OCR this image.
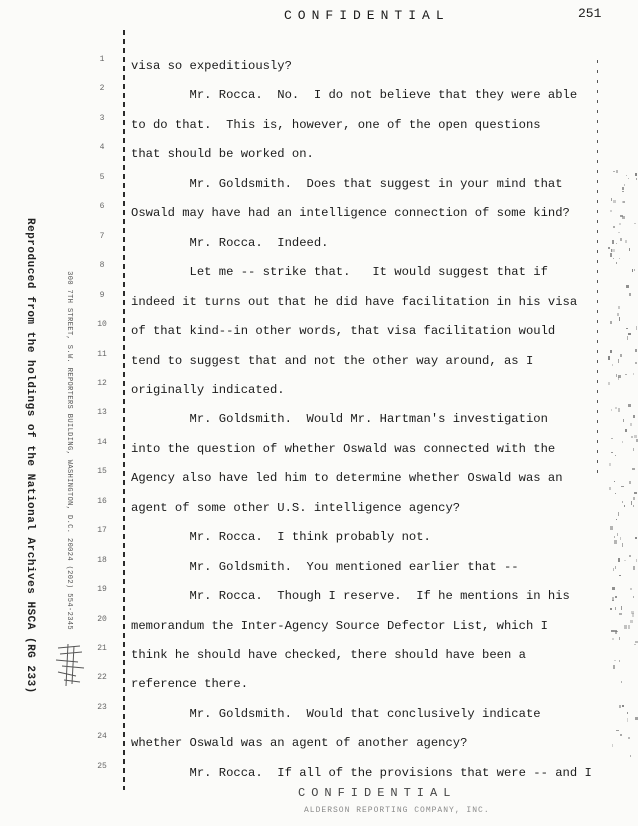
CONFIDENTIAL	251
Reproduced from the holdings of the National Archives HSCA (RG 233)	300 7TH STREET, S.W. REPORTERS BUILDING, WASHINGTON, D.C. 20024 (202) 554-2345
1
2
3
4
5
6
7
8
9
10
11
12
13
14
15
16
17
18
19
20
21
22
23
24
25
visa so expeditiously?
Mr. Rocca.  No.  I do not believe that they were able
to do that.  This is, however, one of the open questions
that should be worked on.
Mr. Goldsmith.  Does that suggest in your mind that
Oswald may have had an intelligence connection of some kind?
Mr. Rocca.  Indeed.
Let me -- strike that.   It would suggest that if
indeed it turns out that he did have facilitation in his visa
of that kind--in other words, that visa facilitation would
tend to suggest that and not the other way around, as I
originally indicated.
Mr. Goldsmith.  Would Mr. Hartman's investigation
into the question of whether Oswald was connected with the
Agency also have led him to determine whether Oswald was an
agent of some other U.S. intelligence agency?
Mr. Rocca.  I think probably not.
Mr. Goldsmith.  You mentioned earlier that --
Mr. Rocca.  Though I reserve.  If he mentions in his
memorandum the Inter-Agency Source Defector List, which I
think he should have checked, there should have been a
reference there.
Mr. Goldsmith.  Would that conclusively indicate
whether Oswald was an agent of another agency?
Mr. Rocca.  If all of the provisions that were -- and I
CONFIDENTIAL
ALDERSON REPORTING COMPANY, INC.
